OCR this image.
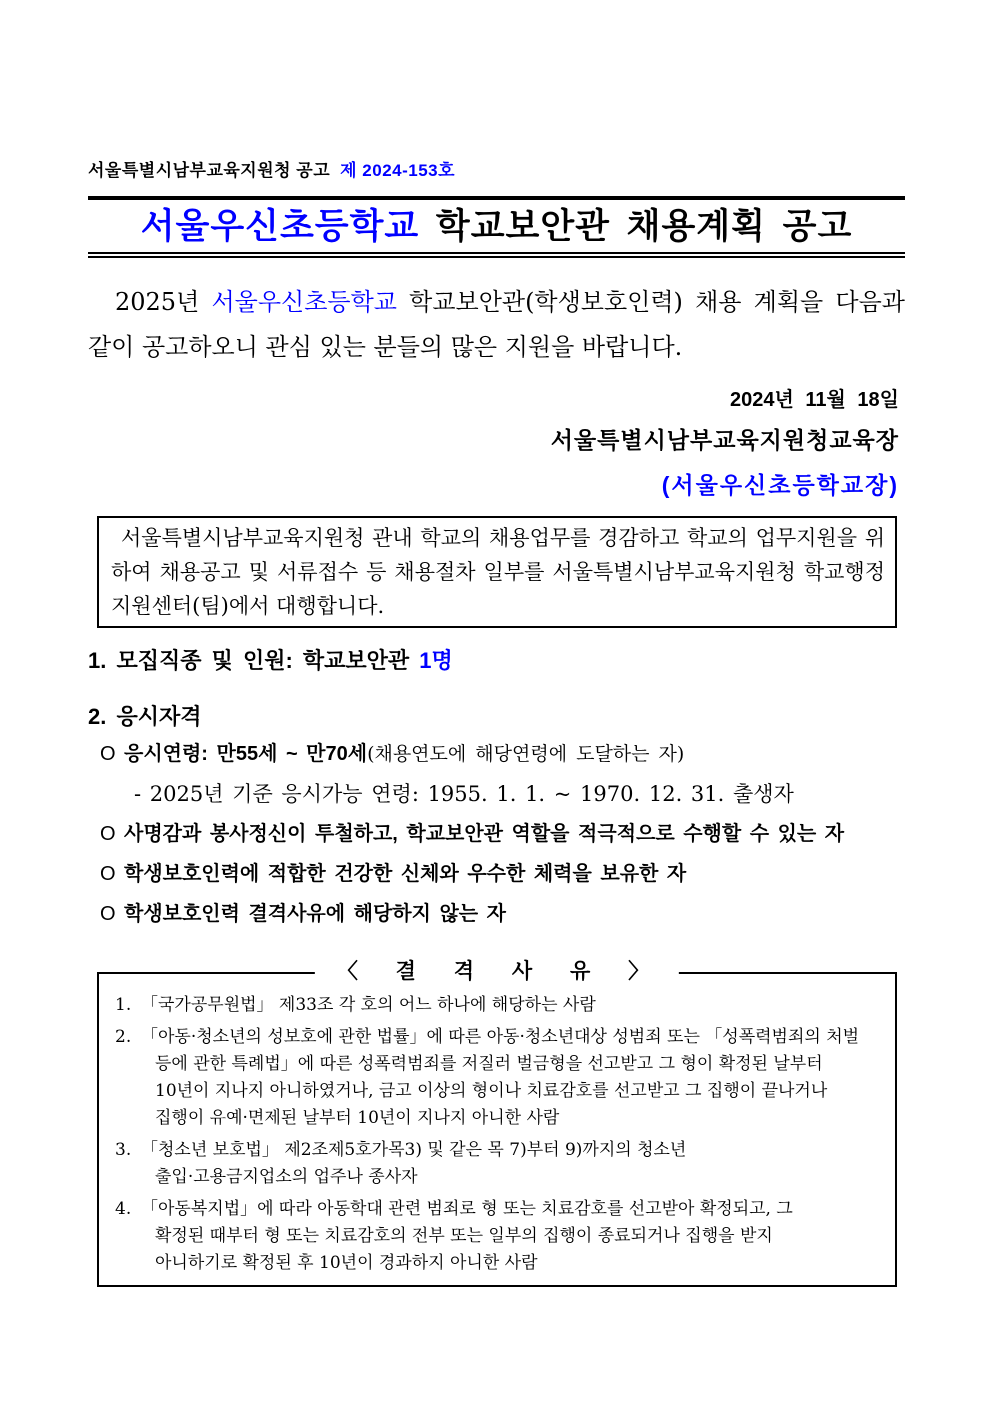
서울특별시남부교육지원청 공고 제 2024-153호
서울우신초등학교 학교보안관 채용계획 공고
2025년 서울우신초등학교 학교보안관(학생보호인력) 채용 계획을 다음과
같이 공고하오니 관심 있는 분들의 많은 지원을 바랍니다.
2024년 11월 18일
서울특별시남부교육지원청교육장
(서울우신초등학교장)
서울특별시남부교육지원청 관내 학교의 채용업무를 경감하고 학교의 업무지원을 위하여 채용공고 및 서류접수 등 채용절차 일부를 서울특별시남부교육지원청 학교행정지원센터(팀)에서 대행합니다.
1. 모집직종 및 인원: 학교보안관 1명
2. 응시자격
O 응시연령: 만55세 ~ 만70세(채용연도에 해당연령에 도달하는 자)
- 2025년 기준 응시가능 연령: 1955. 1. 1. ~ 1970. 12. 31. 출생자
O 사명감과 봉사정신이 투철하고, 학교보안관 역할을 적극적으로 수행할 수 있는 자
O 학생보호인력에 적합한 건강한 신체와 우수한 체력을 보유한 자
O 학생보호인력 결격사유에 해당하지 않는 자
〈 결 격 사 유 〉
1. 「국가공무원법」 제33조 각 호의 어느 하나에 해당하는 사람
2. 「아동·청소년의 성보호에 관한 법률」에 따른 아동·청소년대상 성범죄 또는 「성폭력범죄의 처벌
등에 관한 특례법」에 따른 성폭력범죄를 저질러 벌금형을 선고받고 그 형이 확정된 날부터
10년이 지나지 아니하였거나, 금고 이상의 형이나 치료감호를 선고받고 그 집행이 끝나거나
집행이 유예·면제된 날부터 10년이 지나지 아니한 사람
3. 「청소년 보호법」 제2조제5호가목3) 및 같은 목 7)부터 9)까지의 청소년
출입·고용금지업소의 업주나 종사자
4. 「아동복지법」에 따라 아동학대 관련 범죄로 형 또는 치료감호를 선고받아 확정되고, 그
확정된 때부터 형 또는 치료감호의 전부 또는 일부의 집행이 종료되거나 집행을 받지
아니하기로 확정된 후 10년이 경과하지 아니한 사람
